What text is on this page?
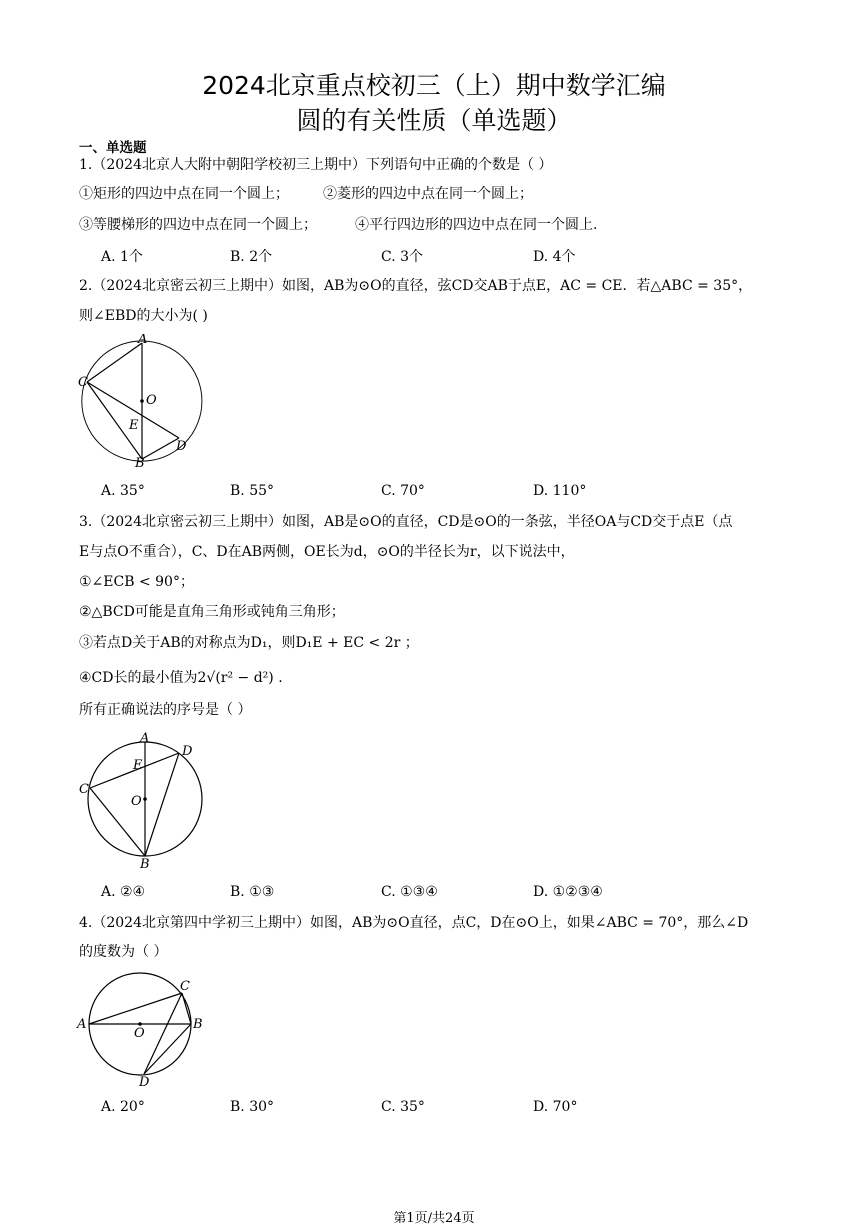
2024北京重点校初三（上）期中数学汇编
圆的有关性质（单选题）
一、单选题
1.（2024北京人大附中朝阳学校初三上期中）下列语句中正确的个数是（ ）
①矩形的四边中点在同一个圆上； ②菱形的四边中点在同一个圆上；
③等腰梯形的四边中点在同一个圆上；	④平行四边形的四边中点在同一个圆上.
A. 1个	B. 2个	C. 3个	D. 4个
2.（2024北京密云初三上期中）如图，AB为⊙O的直径，弦CD交AB于点E，AC = CE．若△ABC = 35°，
则∠EBD的大小为( )
A
B
C
D
E
O
A. 35°	B. 55°	C. 70°	D. 110°
3.（2024北京密云初三上期中）如图，AB是⊙O的直径，CD是⊙O的一条弦，半径OA与CD交于点E（点
E与点O不重合），C、D在AB两侧，OE长为d，⊙O的半径长为r，以下说法中，
①∠ECB < 90°；
②△BCD可能是直角三角形或钝角三角形；
③若点D关于AB的对称点为D₁，则D₁E + EC < 2r ；
④CD长的最小值为2√(r² − d²) .
所有正确说法的序号是（ ）
A
B
C
D
E
O
A. ②④	B. ①③	C. ①③④	D. ①②③④
4.（2024北京第四中学初三上期中）如图，AB为⊙O直径，点C，D在⊙O上，如果∠ABC = 70°，那么∠D
的度数为（ ）
A	B
C
D
O
A. 20°	B. 30°	C. 35°	D. 70°
第1页/共24页
